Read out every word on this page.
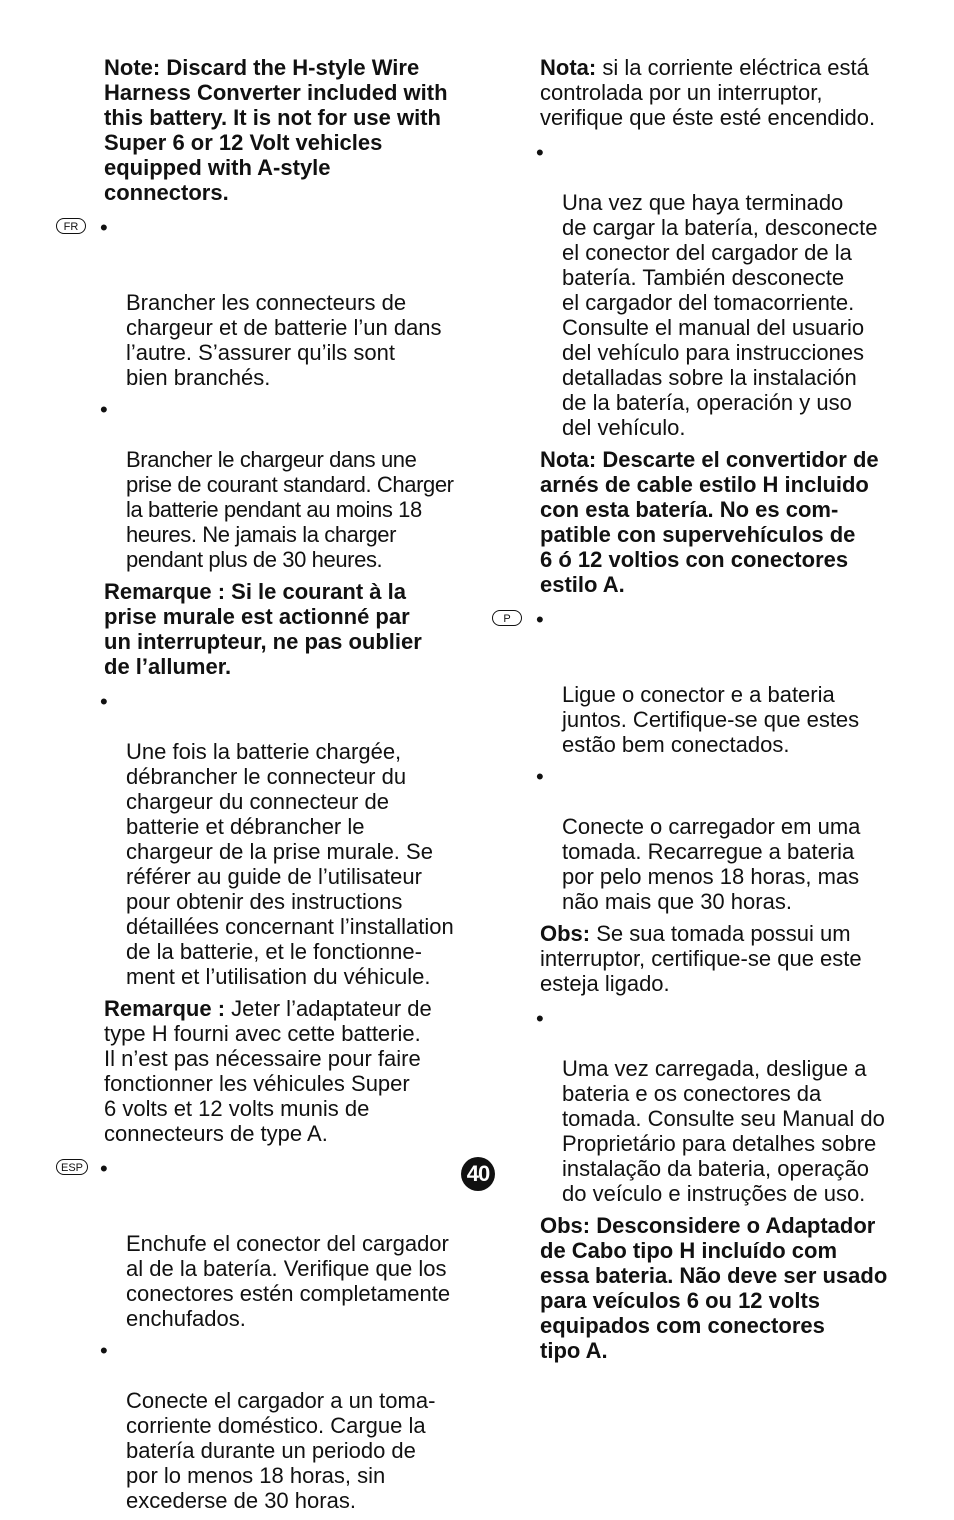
Note: Discard the H-style Wire
Harness Converter included with
this battery. It is not for use with
Super 6 or 12 Volt vehicles
equipped with A-style
connectors.

FR •

Brancher les connecteurs de
chargeur et de batterie l’un dans
l’autre. S’assurer qu’ils sont
bien branchés.

•

Brancher le chargeur dans une
prise de courant standard. Charger
la batterie pendant au moins 18
heures. Ne jamais la charger
pendant plus de 30 heures.

Remarque : Si le courant à la
prise murale est actionné par
un interrupteur, ne pas oublier
de l’allumer.

•

Une fois la batterie chargée,
débrancher le connecteur du
chargeur du connecteur de
batterie et débrancher le
chargeur de la prise murale. Se
référer au guide de l’utilisateur
pour obtenir des instructions
détaillées concernant l’installation
de la batterie, et le fonctionne-
ment et l’utilisation du véhicule.

Remarque : Jeter l’adaptateur de
type H fourni avec cette batterie.
Il n’est pas nécessaire pour faire
fonctionner les véhicules Super
6 volts et 12 volts munis de
connecteurs de type A.

ESP •

Enchufe el conector del cargador
al de la batería. Verifique que los
conectores estén completamente
enchufados.

•

Conecte el cargador a un toma-
corriente doméstico. Cargue la
batería durante un periodo de
por lo menos 18 horas, sin
excederse de 30 horas.

Nota: si la corriente eléctrica está
controlada por un interruptor,
verifique que éste esté encendido.

•

Una vez que haya terminado
de cargar la batería, desconecte
el conector del cargador de la
batería. También desconecte
el cargador del tomacorriente.
Consulte el manual del usuario
del vehículo para instrucciones
detalladas sobre la instalación
de la batería, operación y uso
del vehículo.

Nota: Descarte el convertidor de
arnés de cable estilo H incluido
con esta batería. No es com-
patible con supervehículos de
6 ó 12 voltios con conectores
estilo A.

P	•

Ligue o conector e a bateria
juntos. Certifique-se que estes
estão bem conectados.

•

Conecte o carregador em uma
tomada. Recarregue a bateria
por pelo menos 18 horas, mas
não mais que 30 horas.

Obs: Se sua tomada possui um
interruptor, certifique-se que este
esteja ligado.

•

Uma vez carregada, desligue a
bateria e os conectores da
tomada. Consulte seu Manual do
Proprietário para detalhes sobre
instalação da bateria, operação
do veículo e instruções de uso.

Obs: Desconsidere o Adaptador
de Cabo tipo H incluído com
essa bateria. Não deve ser usado
para veículos 6 ou 12 volts
equipados com conectores
tipo A.

40
